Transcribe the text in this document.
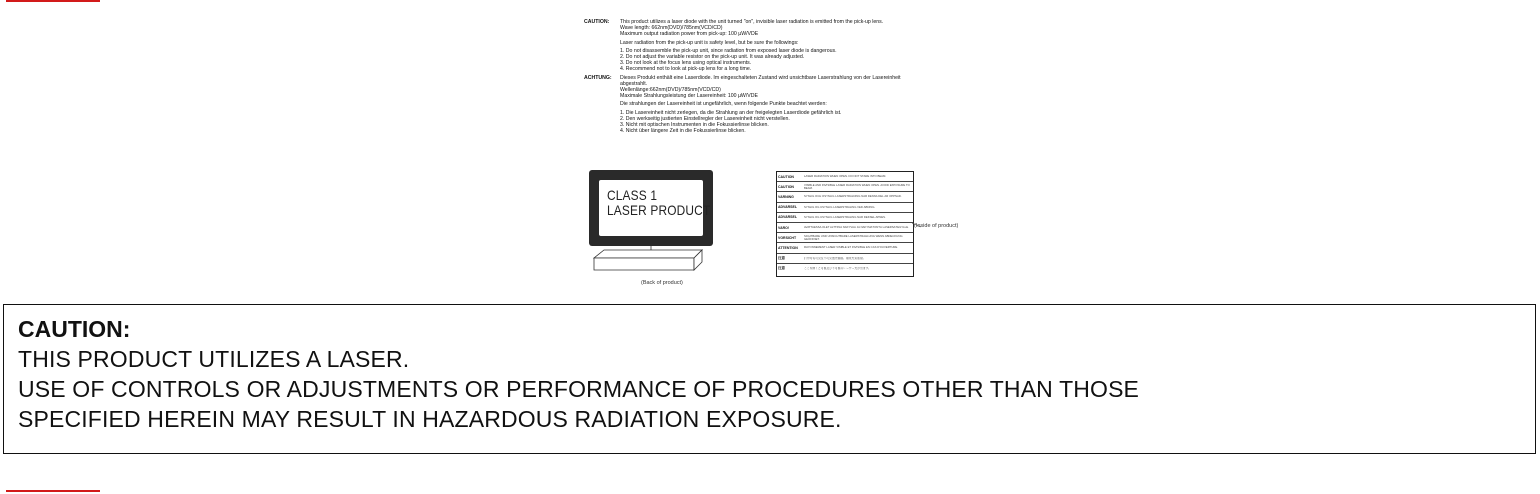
CAUTION:	This product utilizes a laser diode with the unit turned "on", invisible laser radiation is emitted from the pick-up lens.
Wave length: 662nm(DVD)/785nm(VCD/CD)
Maximum output radiation power from pick-up: 100 µW/VDE
Laser radiation from the pick-up unit is safety level, but be sure the followings:
1. Do not disassemble the pick-up unit, since radiation from exposed laser diode is dangerous.
2. Do not adjust the variable resistor on the pick-up unit. It was already adjusted.
3. Do not look at the focus lens using optical instruments.
4. Recommend not to look at pick-up lens for a long time.
ACHTUNG:	Dieses Produkt enthält eine Laserdiode. Im eingeschalteten Zustand wird unsichtbare Laserstrahlung von der Lasereinheit
abgestrahlt.
Wellenlänge:662nm(DVD)/785nm(VCD/CD)
Maximale Strahlungsleistung der Lasereinheit: 100 µW/VDE
Die strahlungen der Lasereinheit ist ungefährlich, wenn folgende Punkte beachtet werden:
1. Die Lasereinheit nicht zerlegen, da die Strahlung an der freigelegten Laserdiode gefährlich ist.
2. Den werkseitig justierten Einstellregler der Lasereinheit nicht verstellen.
3. Nicht mit optischen Instrumenten in die Fokussierlinse blicken.
4. Nicht über längere Zeit in die Fokussierlinse blicken.
CLASS 1
LASER PRODUCT
(Back of product)
CAUTION	LASER RADIATION WHEN OPEN. DO NOT STARE INTO BEAM.
CAUTION	VISIBLE AND INVISIBLE LASER RADIATION WHEN OPEN. AVOID EXPOSURE TO BEAM.
VARNING	SYNLIG OCH OSYNLIG LASERSTRÅLNING NÄR DENNA DEL ÄR ÖPPNAD.
ADVARSEL	SYNLIG OG USYNLIG LASERSTRÅLING VED ÅBNING.
ADVARSEL	SYNLIG OG USYNLIG LASERSTRÅLING NÅR DEKSEL ÅPNES.
VARO!	AVATTAESSA OLET ALTTIINA NÄKYVÄÄ JA NÄKYMÄTÖNTÄ LASERSÄTEILYLLE.
VORSICHT	SICHTBARE UND UNSICHTBARE LASERSTRAHLUNG WENN ABDECKUNG GEÖFFNET.
ATTENTION	RAYONNEMENT LASER VISIBLE ET INVISIBLE EN CAS D'OUVERTURE.
注意	打开时有可见及不可见激光辐射。避免光束照射。
注意	ここを開くと可視及び不可視のレーザー光が出ます。
(Inside of product)
CAUTION:
THIS PRODUCT UTILIZES A LASER.
USE OF CONTROLS OR ADJUSTMENTS OR PERFORMANCE OF PROCEDURES OTHER THAN THOSE
SPECIFIED HEREIN MAY RESULT IN HAZARDOUS RADIATION EXPOSURE.
